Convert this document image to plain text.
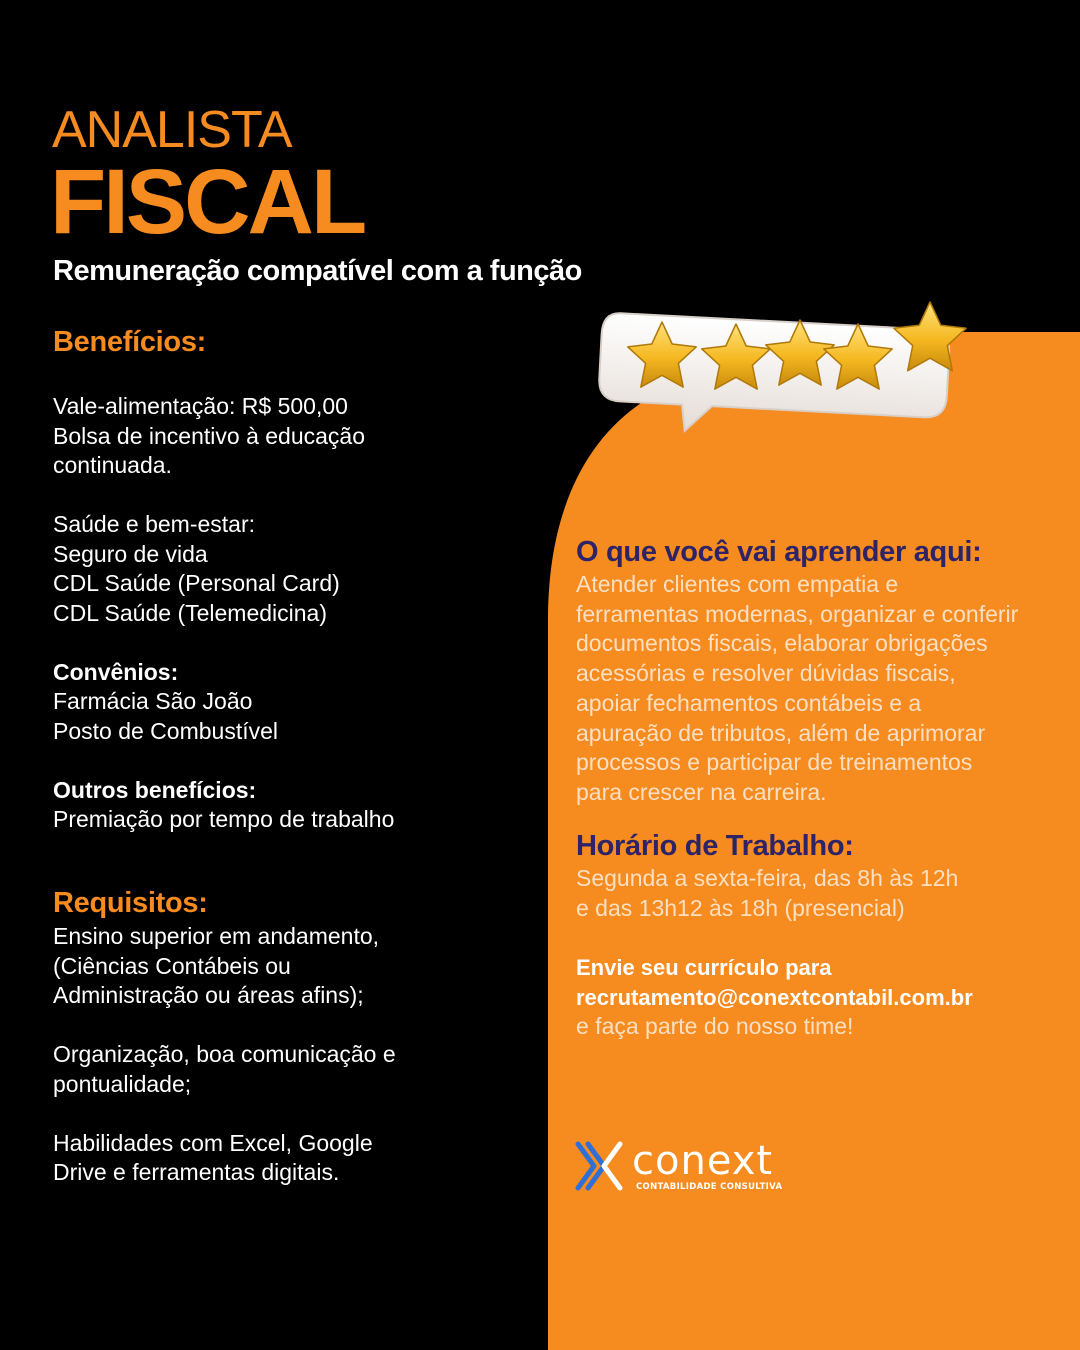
ANALISTA
FISCAL
Remuneração compatível com a função
Benefícios:
Vale-alimentação: R$ 500,00
Bolsa de incentivo à educação
continuada.
Saúde e bem-estar:
Seguro de vida
CDL Saúde (Personal Card)
CDL Saúde (Telemedicina)
Convênios:
Farmácia São João
Posto de Combustível
Outros benefícios:
Premiação por tempo de trabalho
Requisitos:
Ensino superior em andamento,
(Ciências Contábeis ou
Administração ou áreas afins);
Organização, boa comunicação e
pontualidade;
Habilidades com Excel, Google
Drive e ferramentas digitais.
O que você vai aprender aqui:
Atender clientes com empatia e
ferramentas modernas, organizar e conferir
documentos fiscais, elaborar obrigações
acessórias e resolver dúvidas fiscais,
apoiar fechamentos contábeis e a
apuração de tributos, além de aprimorar
processos e participar de treinamentos
para crescer na carreira.
Horário de Trabalho:
Segunda a sexta-feira, das 8h às 12h
e das 13h12 às 18h (presencial)
Envie seu currículo para
recrutamento@conextcontabil.com.br
e faça parte do nosso time!
conext
CONTABILIDADE CONSULTIVA
